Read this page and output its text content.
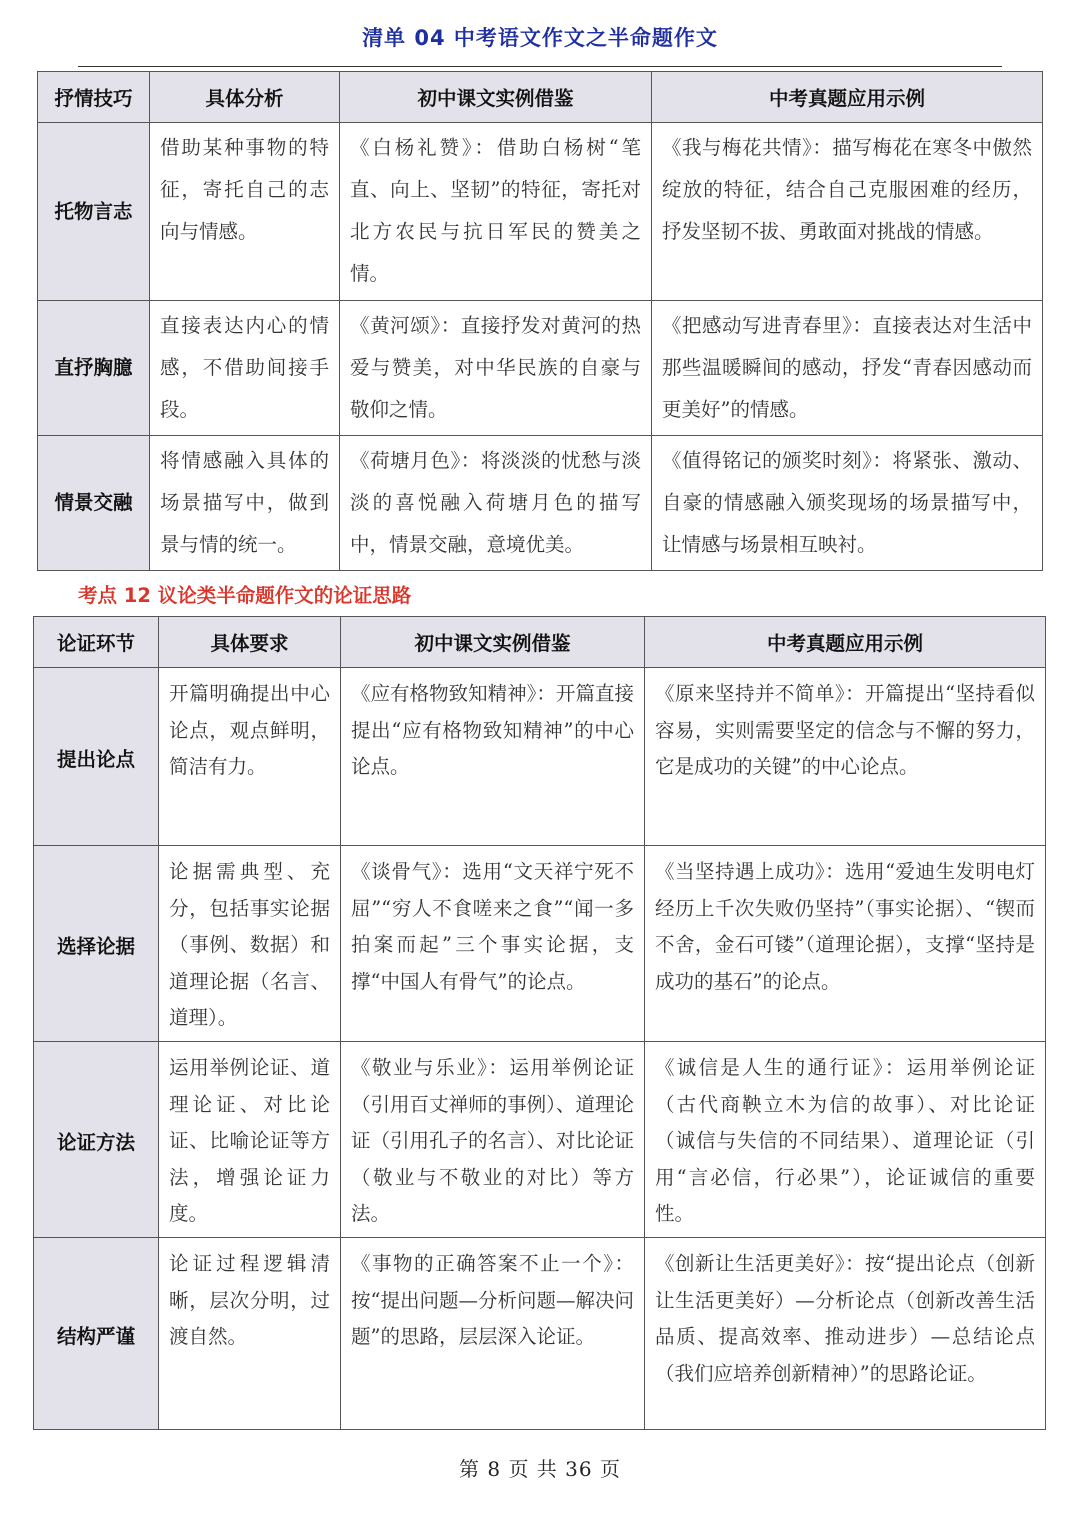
清单 04 中考语文作文之半命题作文
抒情技巧	具体分析	初中课文实例借鉴	中考真题应用示例
托物言志	借助某种事物的特征，寄托自己的志向与情感。	《白杨礼赞》：借助白杨树“笔直、向上、坚韧”的特征，寄托对北方农民与抗日军民的赞美之情。	《我与梅花共情》：描写梅花在寒冬中傲然绽放的特征，结合自己克服困难的经历，抒发坚韧不拔、勇敢面对挑战的情感。
直抒胸臆	直接表达内心的情感，不借助间接手段。	《黄河颂》：直接抒发对黄河的热爱与赞美，对中华民族的自豪与敬仰之情。	《把感动写进青春里》：直接表达对生活中那些温暖瞬间的感动，抒发“青春因感动而更美好”的情感。
情景交融	将情感融入具体的场景描写中，做到景与情的统一。	《荷塘月色》：将淡淡的忧愁与淡淡的喜悦融入荷塘月色的描写中，情景交融，意境优美。	《值得铭记的颁奖时刻》：将紧张、激动、自豪的情感融入颁奖现场的场景描写中，让情感与场景相互映衬。
考点 12 议论类半命题作文的论证思路
论证环节	具体要求	初中课文实例借鉴	中考真题应用示例
提出论点	开篇明确提出中心论点，观点鲜明，简洁有力。	《应有格物致知精神》：开篇直接提出“应有格物致知精神”的中心论点。	《原来坚持并不简单》：开篇提出“坚持看似容易，实则需要坚定的信念与不懈的努力，它是成功的关键”的中心论点。
选择论据	论据需典型、充分，包括事实论据（事例、数据）和道理论据（名言、道理）。	《谈骨气》：选用“文天祥宁死不屈”“穷人不食嗟来之食”“闻一多拍案而起”三个事实论据，支撑“中国人有骨气”的论点。	《当坚持遇上成功》：选用“爱迪生发明电灯经历上千次失败仍坚持”（事实论据）、“锲而不舍，金石可镂”（道理论据），支撑“坚持是成功的基石”的论点。
论证方法	运用举例论证、道理论证、对比论证、比喻论证等方法，增强论证力度。	《敬业与乐业》：运用举例论证（引用百丈禅师的事例）、道理论证（引用孔子的名言）、对比论证（敬业与不敬业的对比）等方法。	《诚信是人生的通行证》：运用举例论证（古代商鞅立木为信的故事）、对比论证（诚信与失信的不同结果）、道理论证（引用“言必信，行必果”），论证诚信的重要性。
结构严谨	论证过程逻辑清晰，层次分明，过渡自然。	《事物的正确答案不止一个》：按“提出问题—分析问题—解决问题”的思路，层层深入论证。	《创新让生活更美好》：按“提出论点（创新让生活更美好）—分析论点（创新改善生活品质、提高效率、推动进步）—总结论点（我们应培养创新精神）”的思路论证。
第 8 页 共 36 页
